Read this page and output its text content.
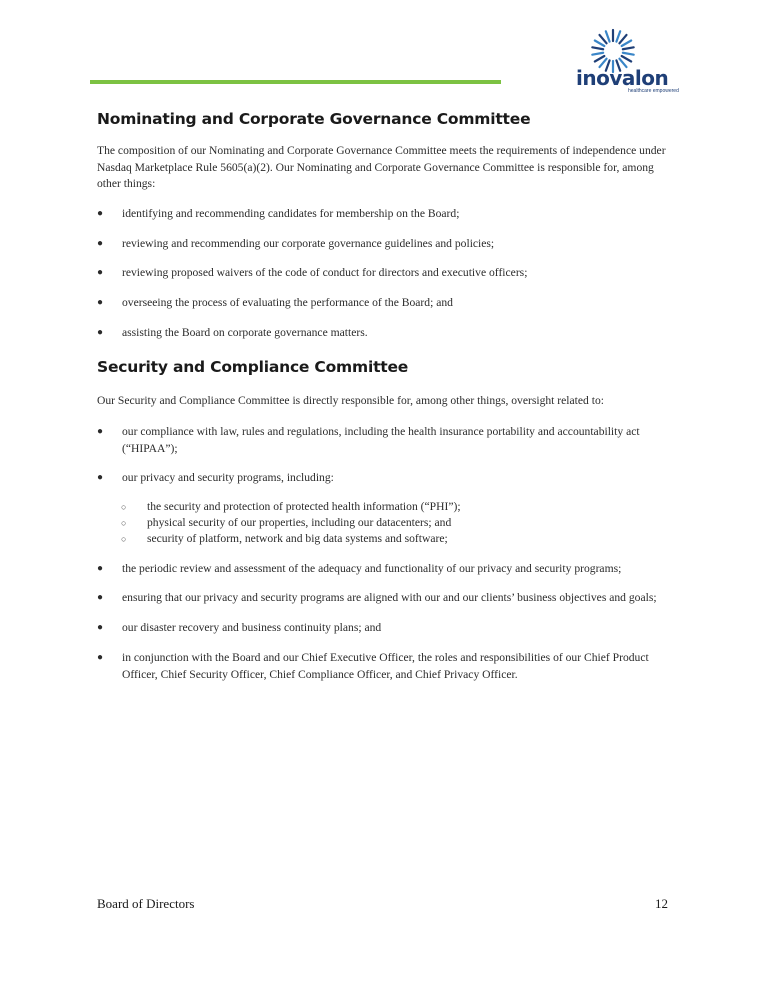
inovalon
healthcare empowered
Nominating and Corporate Governance Committee

The composition of our Nominating and Corporate Governance Committee meets the requirements of independence under Nasdaq Marketplace Rule 5605(a)(2). Our Nominating and Corporate Governance Committee is responsible for, among other things:

●	identifying and recommending candidates for membership on the Board;
●	reviewing and recommending our corporate governance guidelines and policies;
●	reviewing proposed waivers of the code of conduct for directors and executive officers;
●	overseeing the process of evaluating the performance of the Board; and
●	assisting the Board on corporate governance matters.
Security and Compliance Committee

Our Security and Compliance Committee is directly responsible for, among other things, oversight related to:

●	our compliance with law, rules and regulations, including the health insurance portability and accountability act (“HIPAA”);
●	our privacy and security programs, including:
●	the periodic review and assessment of the adequacy and functionality of our privacy and security programs;
●	ensuring that our privacy and security programs are aligned with our and our clients’ business objectives and goals;
●	our disaster recovery and business continuity plans; and
●	in conjunction with the Board and our Chief Executive Officer, the roles and responsibilities of our Chief Product Officer, Chief Security Officer, Chief Compliance Officer, and Chief Privacy Officer.
○ the security and protection of protected health information (“PHI”);
○ physical security of our properties, including our datacenters; and
○ security of platform, network and big data systems and software;
Board of Directors	12
